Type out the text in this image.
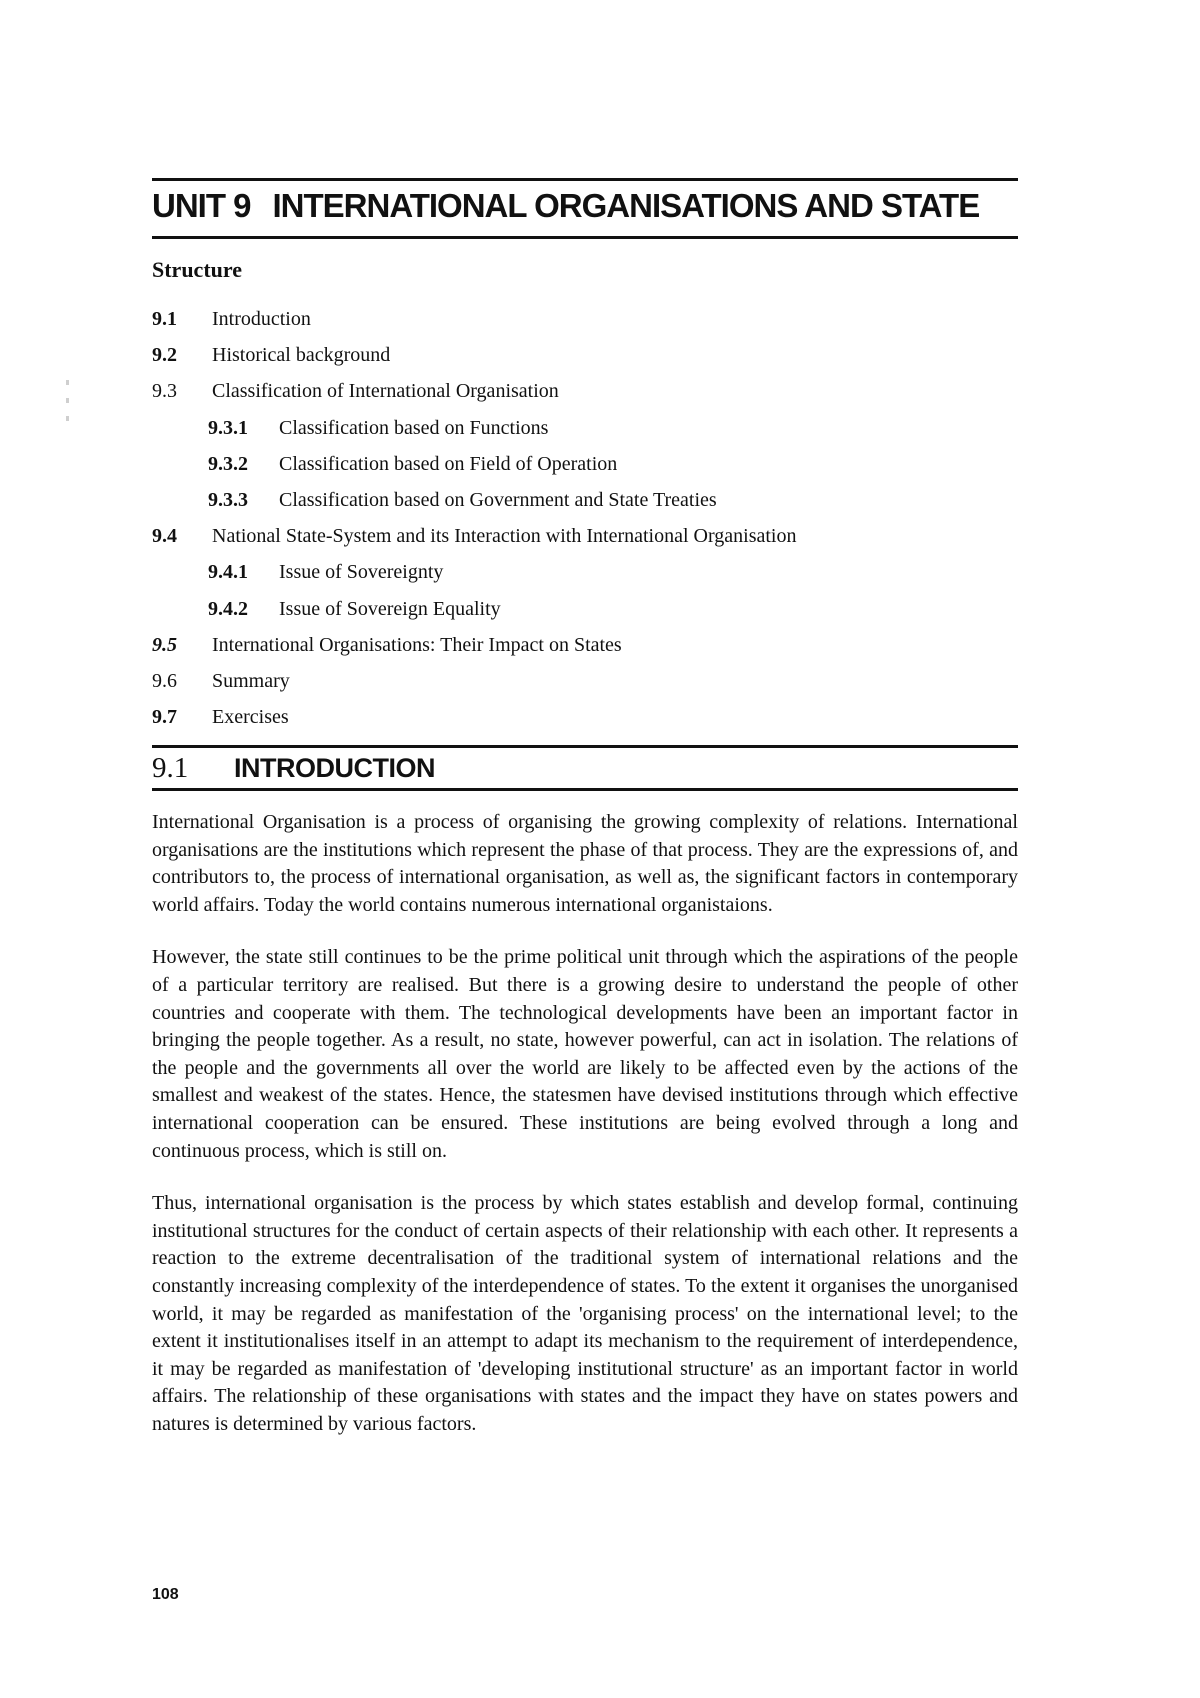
UNIT 9 INTERNATIONAL ORGANISATIONS AND STATE
Structure
9.1 Introduction
9.2 Historical background
9.3 Classification of International Organisation
9.3.1 Classification based on Functions
9.3.2 Classification based on Field of Operation
9.3.3 Classification based on Government and State Treaties
9.4 National State-System and its Interaction with International Organisation
9.4.1 Issue of Sovereignty
9.4.2 Issue of Sovereign Equality
9.5 International Organisations: Their Impact on States
9.6 Summary
9.7 Exercises
9.1 INTRODUCTION

International Organisation is a process of organising the growing complexity of relations. International organisations are the institutions which represent the phase of that process. They are the expressions of, and contributors to, the process of international organisation, as well as, the significant factors in contemporary world affairs. Today the world contains numerous international organistaions.

However, the state still continues to be the prime political unit through which the aspirations of the people of a particular territory are realised. But there is a growing desire to understand the people of other countries and cooperate with them. The technological developments have been an important factor in bringing the people together. As a result, no state, however powerful, can act in isolation. The relations of the people and the governments all over the world are likely to be affected even by the actions of the smallest and weakest of the states. Hence, the statesmen have devised institutions through which effective international cooperation can be ensured. These institutions are being evolved through a long and continuous process, which is still on.

Thus, international organisation is the process by which states establish and develop formal, continuing institutional structures for the conduct of certain aspects of their relationship with each other. It represents a reaction to the extreme decentralisation of the traditional system of international relations and the constantly increasing complexity of the interdependence of states. To the extent it organises the unorganised world, it may be regarded as manifestation of the 'organising process' on the international level; to the extent it institutionalises itself in an attempt to adapt its mechanism to the requirement of interdependence, it may be regarded as manifestation of 'developing institutional structure' as an important factor in world affairs. The relationship of these organisations with states and the impact they have on states powers and natures is determined by various factors.

108
